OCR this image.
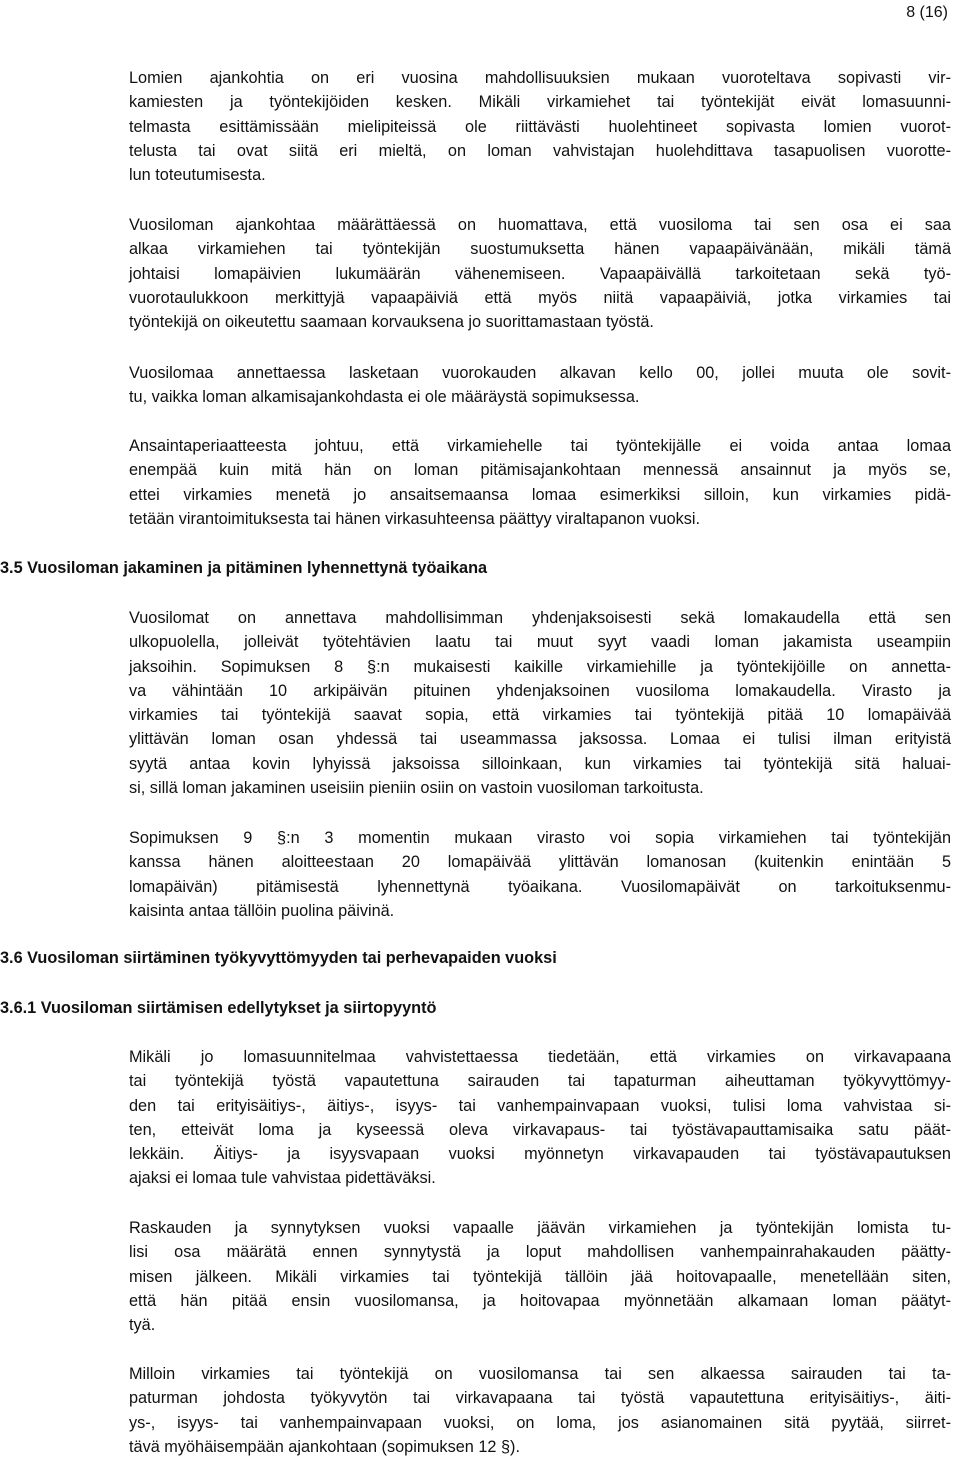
8 (16)

Lomien ajankohtia on eri vuosina mahdollisuuksien mukaan vuoroteltava sopivasti vir-
kamiesten ja työntekijöiden kesken. Mikäli virkamiehet tai työntekijät eivät lomasuunni-
telmasta esittämissään mielipiteissä ole riittävästi huolehtineet sopivasta lomien vuorot-
telusta tai ovat siitä eri mieltä, on loman vahvistajan huolehdittava tasapuolisen vuorotte-
lun toteutumisesta.

Vuosiloman ajankohtaa määrättäessä on huomattava, että vuosiloma tai sen osa ei saa
alkaa virkamiehen tai työntekijän suostumuksetta hänen vapaapäivänään, mikäli tämä
johtaisi lomapäivien lukumäärän vähenemiseen. Vapaapäivällä tarkoitetaan sekä työ-
vuorotaulukkoon merkittyjä vapaapäiviä että myös niitä vapaapäiviä, jotka virkamies tai
työntekijä on oikeutettu saamaan korvauksena jo suorittamastaan työstä.

Vuosilomaa annettaessa lasketaan vuorokauden alkavan kello 00, jollei muuta ole sovit-
tu, vaikka loman alkamisajankohdasta ei ole määräystä sopimuksessa.

Ansaintaperiaatteesta johtuu, että virkamiehelle tai työntekijälle ei voida antaa lomaa
enempää kuin mitä hän on loman pitämisajankohtaan mennessä ansainnut ja myös se,
ettei virkamies menetä jo ansaitsemaansa lomaa esimerkiksi silloin, kun virkamies pidä-
tetään virantoimituksesta tai hänen virkasuhteensa päättyy viraltapanon vuoksi.

3.5 Vuosiloman jakaminen ja pitäminen lyhennettynä työaikana

Vuosilomat on annettava mahdollisimman yhdenjaksoisesti sekä lomakaudella että sen
ulkopuolella, jolleivät työtehtävien laatu tai muut syyt vaadi loman jakamista useampiin
jaksoihin. Sopimuksen 8 §:n mukaisesti kaikille virkamiehille ja työntekijöille on annetta-
va vähintään 10 arkipäivän pituinen yhdenjaksoinen vuosiloma lomakaudella. Virasto ja
virkamies tai työntekijä saavat sopia, että virkamies tai työntekijä pitää 10 lomapäivää
ylittävän loman osan yhdessä tai useammassa jaksossa. Lomaa ei tulisi ilman erityistä
syytä antaa kovin lyhyissä jaksoissa silloinkaan, kun virkamies tai työntekijä sitä haluai-
si, sillä loman jakaminen useisiin pieniin osiin on vastoin vuosiloman tarkoitusta.

Sopimuksen 9 §:n 3 momentin mukaan virasto voi sopia virkamiehen tai työntekijän
kanssa hänen aloitteestaan 20 lomapäivää ylittävän lomanosan (kuitenkin enintään 5
lomapäivän) pitämisestä lyhennettynä työaikana. Vuosilomapäivät on tarkoituksenmu-
kaisinta antaa tällöin puolina päivinä.

3.6 Vuosiloman siirtäminen työkyvyttömyyden tai perhevapaiden vuoksi
3.6.1 Vuosiloman siirtämisen edellytykset ja siirtopyyntö

Mikäli jo lomasuunnitelmaa vahvistettaessa tiedetään, että virkamies on virkavapaana
tai työntekijä työstä vapautettuna sairauden tai tapaturman aiheuttaman työkyvyttömyy-
den tai erityisäitiys-, äitiys-, isyys- tai vanhempainvapaan vuoksi, tulisi loma vahvistaa si-
ten, etteivät loma ja kyseessä oleva virkavapaus- tai työstävapauttamisaika satu päät-
lekkäin. Äitiys- ja isyysvapaan vuoksi myönnetyn virkavapauden tai työstävapautuksen
ajaksi ei lomaa tule vahvistaa pidettäväksi.

Raskauden ja synnytyksen vuoksi vapaalle jäävän virkamiehen ja työntekijän lomista tu-
lisi osa määrätä ennen synnytystä ja loput mahdollisen vanhempainrahakauden päätty-
misen jälkeen. Mikäli virkamies tai työntekijä tällöin jää hoitovapaalle, menetellään siten,
että hän pitää ensin vuosilomansa, ja hoitovapaa myönnetään alkamaan loman päätyt-
tyä.

Milloin virkamies tai työntekijä on vuosilomansa tai sen alkaessa sairauden tai ta-
paturman johdosta työkyvytön tai virkavapaana tai työstä vapautettuna erityisäitiys-, äiti-
ys-, isyys- tai vanhempainvapaan vuoksi, on loma, jos asianomainen sitä pyytää, siirret-
tävä myöhäisempään ajankohtaan (sopimuksen 12 §).
